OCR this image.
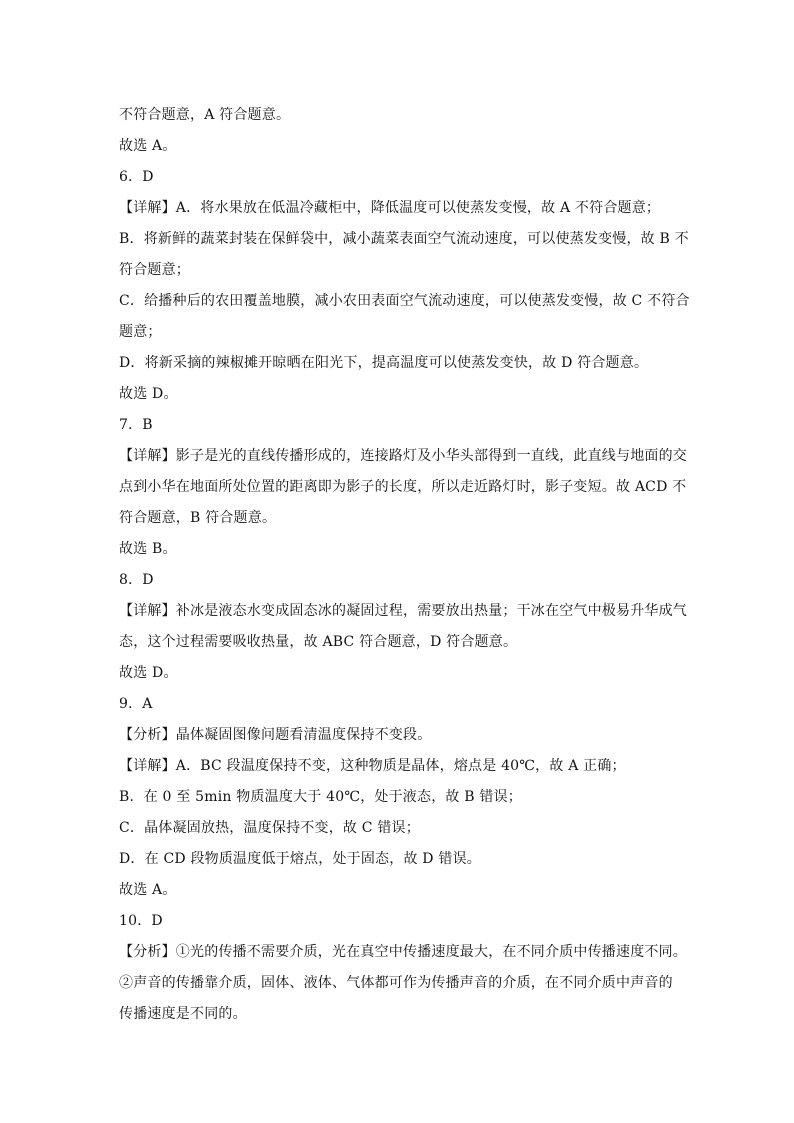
不符合题意，A 符合题意。
故选 A。
6．D
【详解】A．将水果放在低温冷藏柜中，降低温度可以使蒸发变慢，故 A 不符合题意；
B．将新鲜的蔬菜封装在保鲜袋中，减小蔬菜表面空气流动速度，可以使蒸发变慢，故 B 不
符合题意；
C．给播种后的农田覆盖地膜，减小农田表面空气流动速度，可以使蒸发变慢，故 C 不符合
题意；
D．将新采摘的辣椒摊开晾晒在阳光下，提高温度可以使蒸发变快，故 D 符合题意。
故选 D。
7．B
【详解】影子是光的直线传播形成的，连接路灯及小华头部得到一直线，此直线与地面的交
点到小华在地面所处位置的距离即为影子的长度，所以走近路灯时，影子变短。故 ACD 不
符合题意，B 符合题意。
故选 B。
8．D
【详解】补冰是液态水变成固态冰的凝固过程，需要放出热量；干冰在空气中极易升华成气
态，这个过程需要吸收热量，故 ABC 符合题意，D 符合题意。
故选 D。
9．A
【分析】晶体凝固图像问题看清温度保持不变段。
【详解】A．BC 段温度保持不变，这种物质是晶体，熔点是 40℃，故 A 正确；
B．在 0 至 5min 物质温度大于 40℃，处于液态，故 B 错误；
C．晶体凝固放热，温度保持不变，故 C 错误；
D．在 CD 段物质温度低于熔点，处于固态，故 D 错误。
故选 A。
10．D
【分析】①光的传播不需要介质，光在真空中传播速度最大，在不同介质中传播速度不同。
②声音的传播靠介质，固体、液体、气体都可作为传播声音的介质，在不同介质中声音的
传播速度是不同的。
